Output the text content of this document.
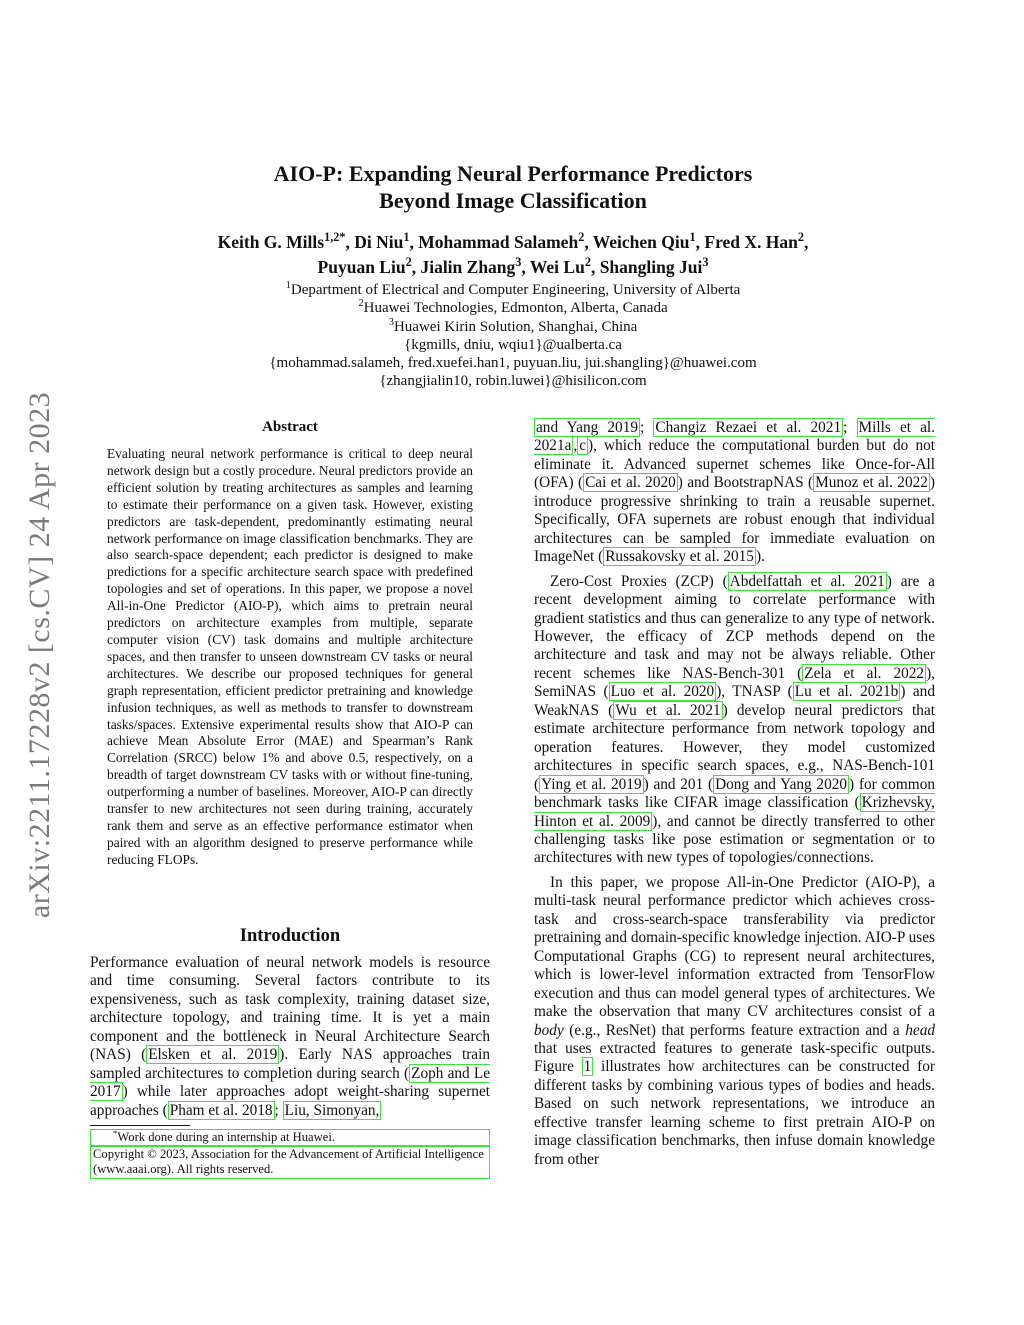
arXiv:2211.17228v2 [cs.CV] 24 Apr 2023
AIO-P: Expanding Neural Performance Predictors
Beyond Image Classification
Keith G. Mills$^{1,2*}$, Di Niu$^1$, Mohammad Salameh$^2$, Weichen Qiu$^1$, Fred X. Han$^2$,
Puyuan Liu$^2$, Jialin Zhang$^3$, Wei Lu$^2$, Shangling Jui$^3$
$^1$Department of Electrical and Computer Engineering, University of Alberta
$^2$Huawei Technologies, Edmonton, Alberta, Canada
$^3$Huawei Kirin Solution, Shanghai, China
{kgmills, dniu, wqiu1}@ualberta.ca
{mohammad.salameh, fred.xuefei.han1, puyuan.liu, jui.shangling}@huawei.com
{zhangjialin10, robin.luwei}@hisilicon.com
Abstract
Evaluating neural network performance is critical to deep neural network design but a costly procedure. Neural predictors provide an efficient solution by treating architectures as samples and learning to estimate their performance on a given task. However, existing predictors are task-dependent, predominantly estimating neural network performance on image classification benchmarks. They are also search-space dependent; each predictor is designed to make predictions for a specific architecture search space with predefined topologies and set of operations. In this paper, we propose a novel All-in-One Predictor (AIO-P), which aims to pretrain neural predictors on architecture examples from multiple, separate computer vision (CV) task domains and multiple architecture spaces, and then transfer to unseen downstream CV tasks or neural architectures. We describe our proposed techniques for general graph representation, efficient predictor pretraining and knowledge infusion techniques, as well as methods to transfer to downstream tasks/spaces. Extensive experimental results show that AIO-P can achieve Mean Absolute Error (MAE) and Spearman’s Rank Correlation (SRCC) below 1% and above 0.5, respectively, on a breadth of target downstream CV tasks with or without fine-tuning, outperforming a number of baselines. Moreover, AIO-P can directly transfer to new architectures not seen during training, accurately rank them and serve as an effective performance estimator when paired with an algorithm designed to preserve performance while reducing FLOPs.
Introduction

Performance evaluation of neural network models is resource and time consuming. Several factors contribute to its expensiveness, such as task complexity, training dataset size, architecture topology, and training time. It is yet a main component and the bottleneck in Neural Architecture Search (NAS) ( Elsken et al. 2019 ). Early NAS approaches train sampled architectures to completion during search ( Zoph and Le 2017 ) while later approaches adopt weight-sharing supernet approaches ( Pham et al. 2018 ; Liu, Simonyan,

*Work done during an internship at Huawei.
Copyright © 2023, Association for the Advancement of Artificial Intelligence (www.aaai.org). All rights reserved.

and Yang 2019 ; Changiz Rezaei et al. 2021 ; Mills et al. 2021a , c ), which reduce the computational burden but do not eliminate it. Advanced supernet schemes like Once-for-All (OFA) ( Cai et al. 2020 ) and BootstrapNAS ( Munoz et al. 2022 ) introduce progressive shrinking to train a reusable supernet. Specifically, OFA supernets are robust enough that individual architectures can be sampled for immediate evaluation on ImageNet ( Russakovsky et al. 2015 ).

Zero-Cost Proxies (ZCP) ( Abdelfattah et al. 2021 ) are a recent development aiming to correlate performance with gradient statistics and thus can generalize to any type of network. However, the efficacy of ZCP methods depend on the architecture and task and may not be always reliable. Other recent schemes like NAS-Bench-301 ( Zela et al. 2022 ), SemiNAS ( Luo et al. 2020 ), TNASP ( Lu et al. 2021b ) and WeakNAS ( Wu et al. 2021 ) develop neural predictors that estimate architecture performance from network topology and operation features. However, they model customized architectures in specific search spaces, e.g., NAS-Bench-101 ( Ying et al. 2019 ) and 201 ( Dong and Yang 2020 ) for common benchmark tasks like CIFAR image classification ( Krizhevsky, Hinton et al. 2009 ), and cannot be directly transferred to other challenging tasks like pose estimation or segmentation or to architectures with new types of topologies/connections.

In this paper, we propose All-in-One Predictor (AIO-P), a multi-task neural performance predictor which achieves cross-task and cross-search-space transferability via predictor pretraining and domain-specific knowledge injection. AIO-P uses Computational Graphs (CG) to represent neural architectures, which is lower-level information extracted from TensorFlow execution and thus can model general types of architectures. We make the observation that many CV architectures consist of a body (e.g., ResNet) that performs feature extraction and a head that uses extracted features to generate task-specific outputs. Figure 1 illustrates how architectures can be constructed for different tasks by combining various types of bodies and heads. Based on such network representations, we introduce an effective transfer learning scheme to first pretrain AIO-P on image classification benchmarks, then infuse domain knowledge from other
